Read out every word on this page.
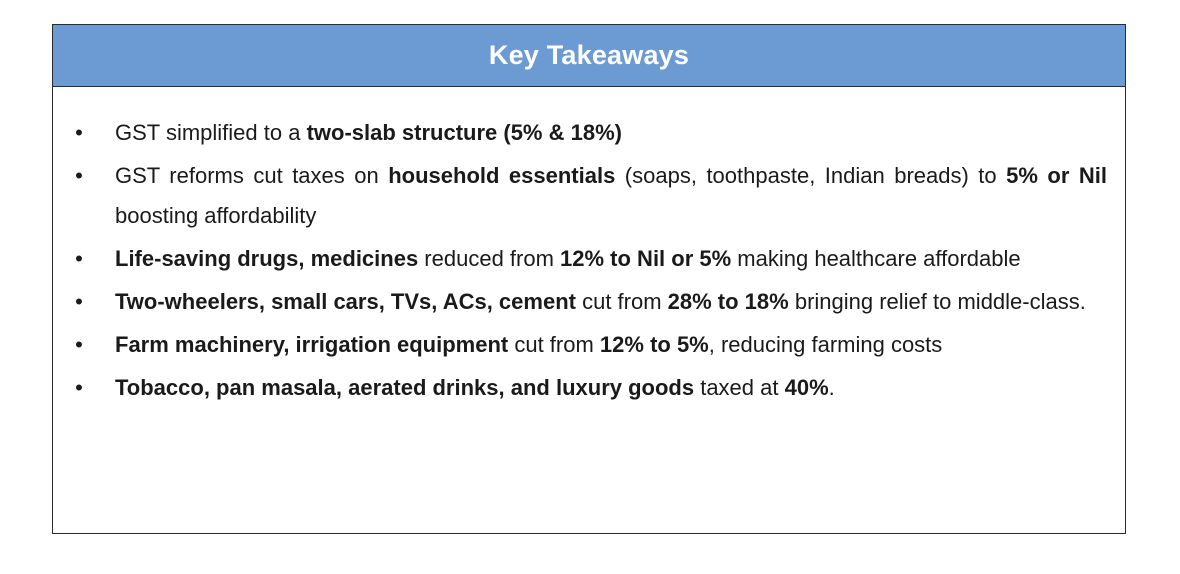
Key Takeaways
• GST simplified to a two-slab structure (5% & 18%)
• GST reforms cut taxes on household essentials (soaps, toothpaste, Indian breads) to 5% or Nil boosting affordability
• Life-saving drugs, medicines reduced from 12% to Nil or 5% making healthcare affordable
• Two-wheelers, small cars, TVs, ACs, cement cut from 28% to 18% bringing relief to middle-class.
• Farm machinery, irrigation equipment cut from 12% to 5%, reducing farming costs
• Tobacco, pan masala, aerated drinks, and luxury goods taxed at 40%.
